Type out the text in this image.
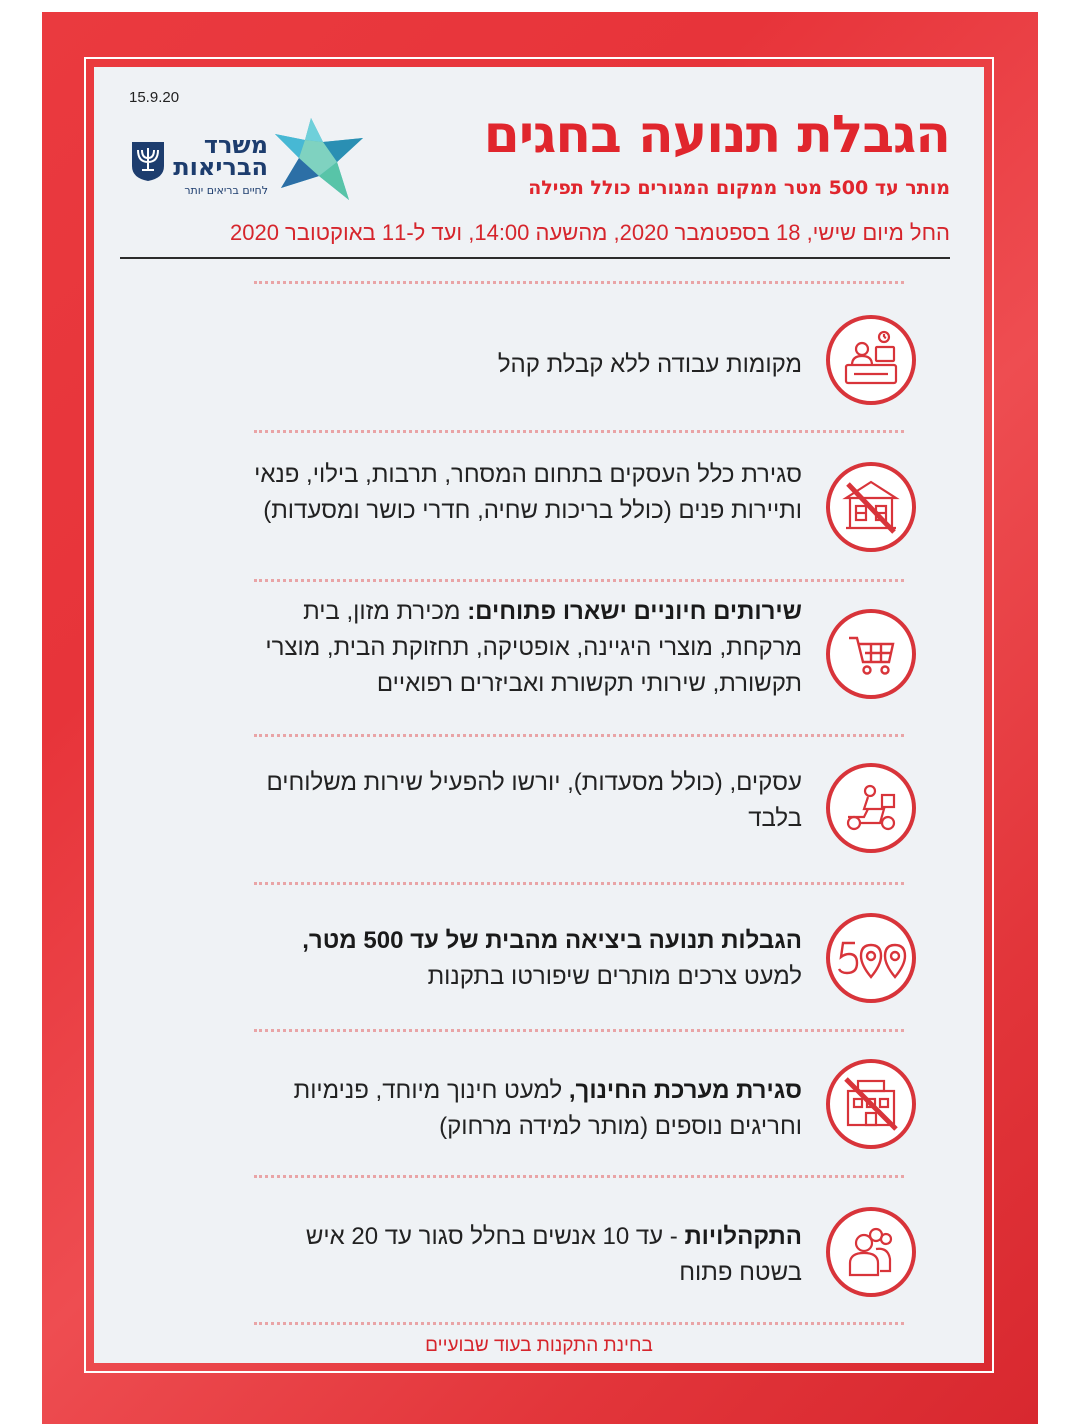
15.9.20
משרד
הבריאות
לחיים בריאים יותר
הגבלת תנועה בחגים
מותר עד 500 מטר ממקום המגורים כולל תפילה
החל מיום שישי, 18 בספטמבר 2020, מהשעה 14:00, ועד ל-11 באוקטובר 2020
מקומות עבודה ללא קבלת קהל
סגירת כלל העסקים בתחום המסחר, תרבות, בילוי, פנאי ותיירות פנים (כולל בריכות שחיה, חדרי כושר ומסעדות)
שירותים חיוניים ישארו פתוחים: מכירת מזון, בית מרקחת, מוצרי היגיינה, אופטיקה, תחזוקת הבית, מוצרי תקשורת, שירותי תקשורת ואביזרים רפואיים
עסקים, (כולל מסעדות), יורשו להפעיל שירות משלוחים בלבד
הגבלות תנועה ביציאה מהבית של עד 500 מטר, למעט צרכים מותרים שיפורטו בתקנות
סגירת מערכת החינוך, למעט חינוך מיוחד, פנימיות וחריגים נוספים (מותר למידה מרחוק)
התקהלויות - עד 10 אנשים בחלל סגור עד 20 איש בשטח פתוח
בחינת התקנות בעוד שבועיים
